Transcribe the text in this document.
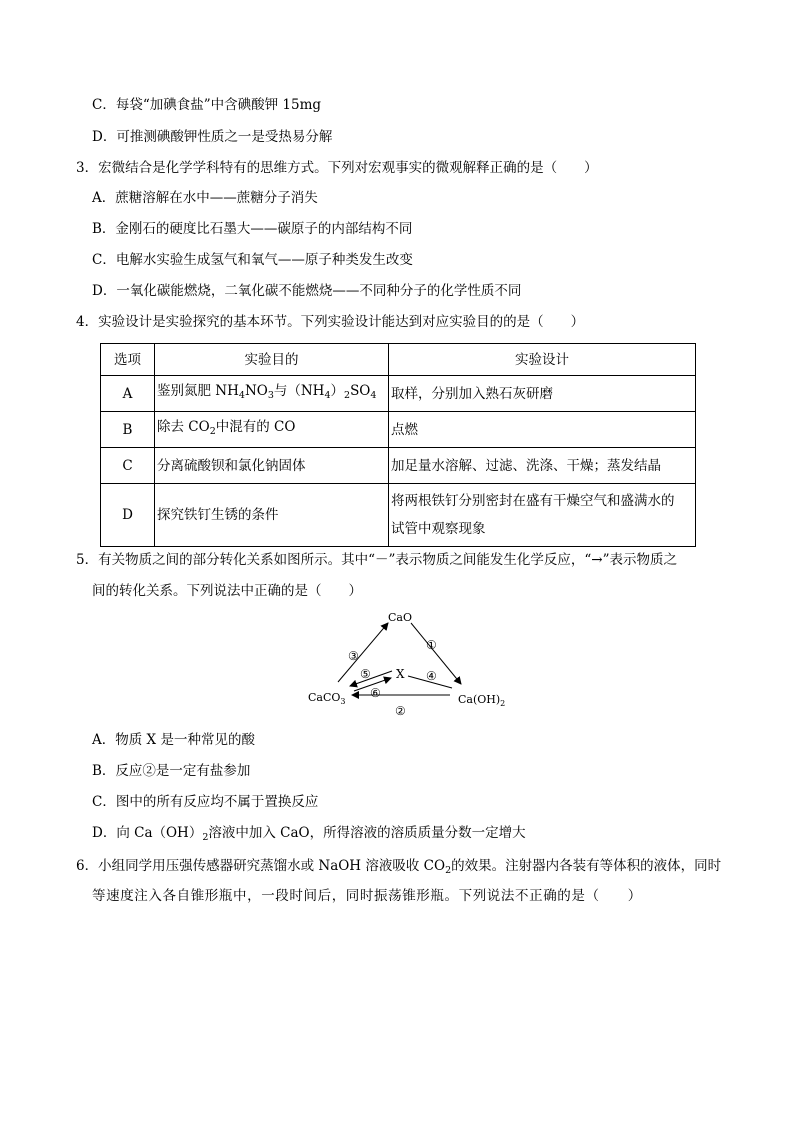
C．每袋“加碘食盐”中含碘酸钾 15mg
D．可推测碘酸钾性质之一是受热易分解
3．宏微结合是化学学科特有的思维方式。下列对宏观事实的微观解释正确的是（　　）
A．蔗糖溶解在水中——蔗糖分子消失
B．金刚石的硬度比石墨大——碳原子的内部结构不同
C．电解水实验生成氢气和氧气——原子种类发生改变
D．一氧化碳能燃烧，二氧化碳不能燃烧——不同种分子的化学性质不同
4．实验设计是实验探究的基本环节。下列实验设计能达到对应实验目的的是（　　）
选项	实验目的	实验设计
A	鉴别氮肥 $NH_4NO_3$与$(NH_4)_2SO_4$	取样，分别加入熟石灰研磨
B	除去 $CO_2$中混有的 CO	点燃
C	分离硫酸钡和氯化钠固体	加足量水溶解、过滤、洗涤、干燥；蒸发结晶
D	探究铁钉生锈的条件	将两根铁钉分别密封在盛有干燥空气和盛满水的
试管中观察现象
5．有关物质之间的部分转化关系如图所示。其中“－”表示物质之间能发生化学反应，“→”表示物质之
间的转化关系。下列说法中正确的是（　　）
CaO
X
CaCO$_3$	$Ca(OH)_2$
①
②
③
④
⑤
⑥
A．物质 X 是一种常见的酸
B．反应②是一定有盐参加
C．图中的所有反应均不属于置换反应
D．向 $Ca(OH)_2$溶液中加入 CaO，所得溶液的溶质质量分数一定增大
6．小组同学用压强传感器研究蒸馏水或 NaOH 溶液吸收 $CO_2$的效果。注射器内各装有等体积的液体，同时
等速度注入各自锥形瓶中，一段时间后，同时振荡锥形瓶。下列说法不正确的是（　　）
